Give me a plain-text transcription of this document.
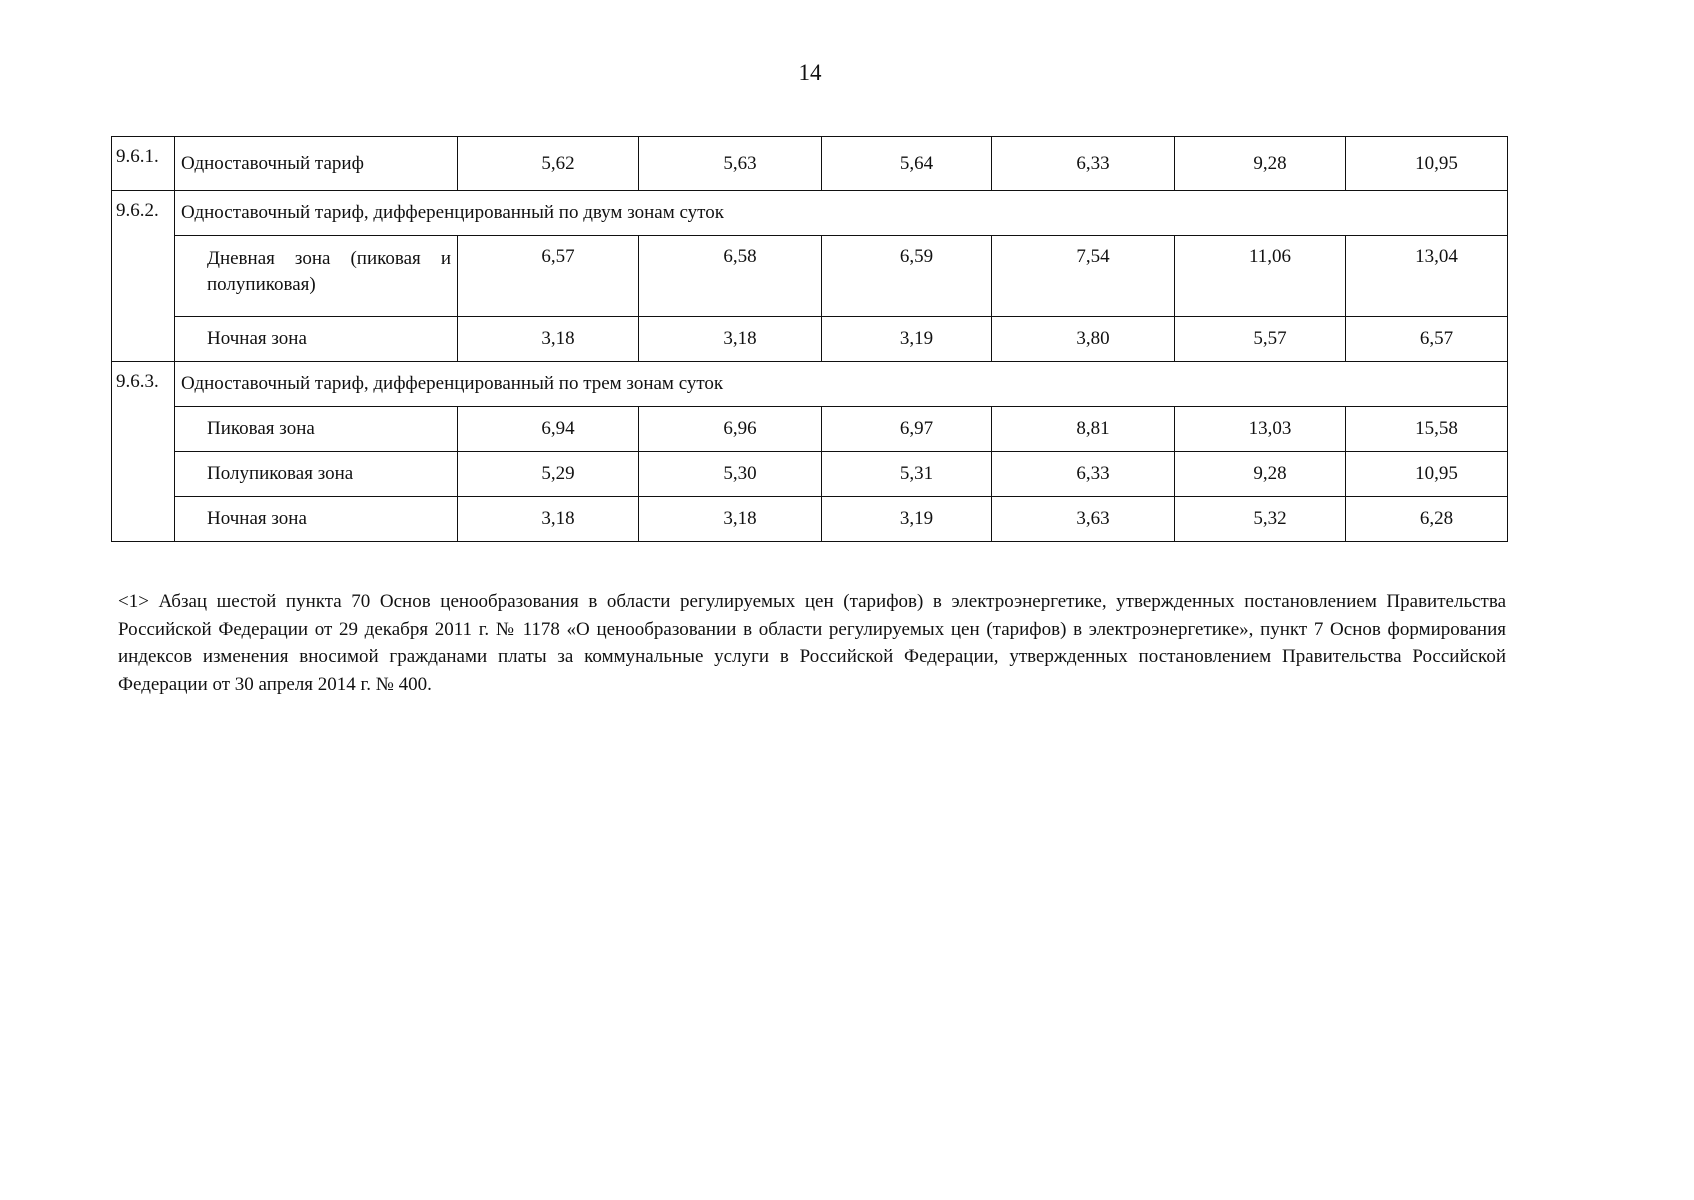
14
9.6.1.	Одноставочный тариф	5,62	5,63	5,64	6,33	9,28	10,95
9.6.2.	Одноставочный тариф, дифференцированный по двум зонам суток						
	Дневная зона (пиковая и полупиковая)	6,57	6,58	6,59	7,54	11,06	13,04
	Ночная зона	3,18	3,18	3,19	3,80	5,57	6,57
9.6.3.	Одноставочный тариф, дифференцированный по трем зонам суток						
	Пиковая зона	6,94	6,96	6,97	8,81	13,03	15,58
	Полупиковая зона	5,29	5,30	5,31	6,33	9,28	10,95
	Ночная зона	3,18	3,18	3,19	3,63	5,32	6,28
<1> Абзац шестой пункта 70 Основ ценообразования в области регулируемых цен (тарифов) в электроэнергетике, утвержденных постановлением Правительства Российской Федерации от 29 декабря 2011 г. № 1178 «О ценообразовании в области регулируемых цен (тарифов) в электроэнергетике», пункт 7 Основ формирования индексов изменения вносимой гражданами платы за коммунальные услуги в Российской Федерации, утвержденных постановлением Правительства Российской Федерации от 30 апреля 2014 г. № 400.
